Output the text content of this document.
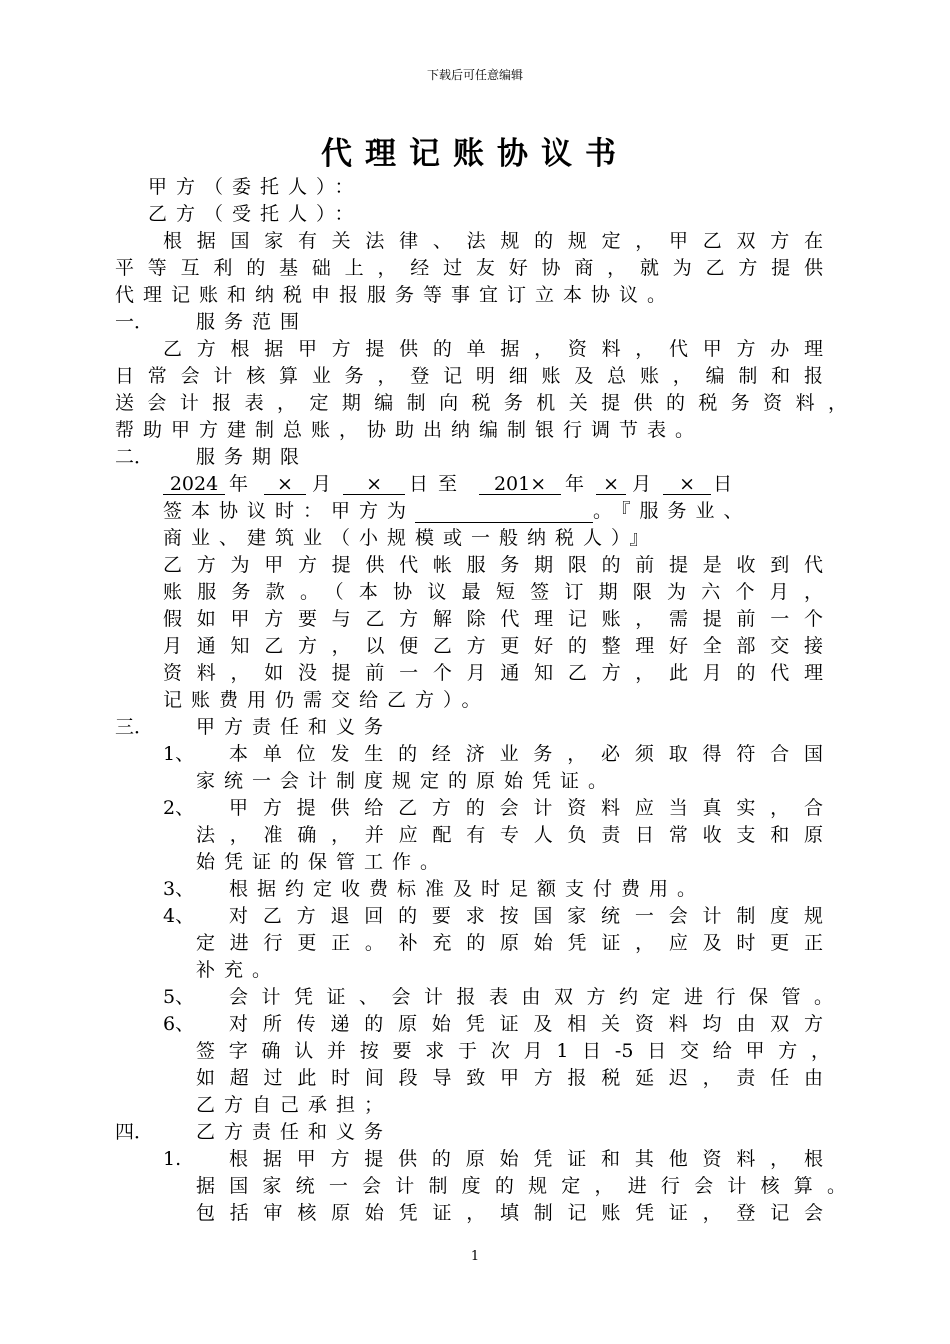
下载后可任意编辑
代理记账协议书
甲方（委托人）：
乙方（受托人）：
根据国家有关法律、法规的规定，甲乙双方在
平等互利的基础上，经过友好协商，就为乙方提供
代理记账和纳税申报服务等事宜订立本协议。
一． 服务范围
乙方根据甲方提供的单据，资料，代甲方办理
日常会计核算业务，登记明细账及总账，编制和报
送会计报表，定期编制向税务机关提供的税务资料，
帮助甲方建制总账，协助出纳编制银行调节表。
二． 服务期限
2024 年 × 月 × 日至 201× 年 × 月 × 日
签本协议时：甲方为	。『服务业、
商业、建筑业（小规模或一般纳税人）』
乙方为甲方提供代帐服务期限的前提是收到代
账服务款。（本协议最短签订期限为六个月，
假如甲方要与乙方解除代理记账，需提前一个
月通知乙方，以便乙方更好的整理好全部交接
资料，如没提前一个月通知乙方，此月的代理
记账费用仍需交给乙方）。
三． 甲方责任和义务
1、 本单位发生的经济业务，必须取得符合国
家统一会计制度规定的原始凭证。
2、 甲方提供给乙方的会计资料应当真实，合
法，准确，并应配有专人负责日常收支和原
始凭证的保管工作。
3、 根据约定收费标准及时足额支付费用。
4、 对乙方退回的要求按国家统一会计制度规
定进行更正。补充的原始凭证，应及时更正
补充。
5、 会计凭证、会计报表由双方约定进行保管。
6、 对所传递的原始凭证及相关资料均由双方
签字确认并按要求于次月1日-5日交给甲方，
如超过此时间段导致甲方报税延迟，责任由
乙方自己承担；
四． 乙方责任和义务
1.	根据甲方提供的原始凭证和其他资料，根
据国家统一会计制度的规定，进行会计核算。
包括审核原始凭证，填制记账凭证，登记会
1
